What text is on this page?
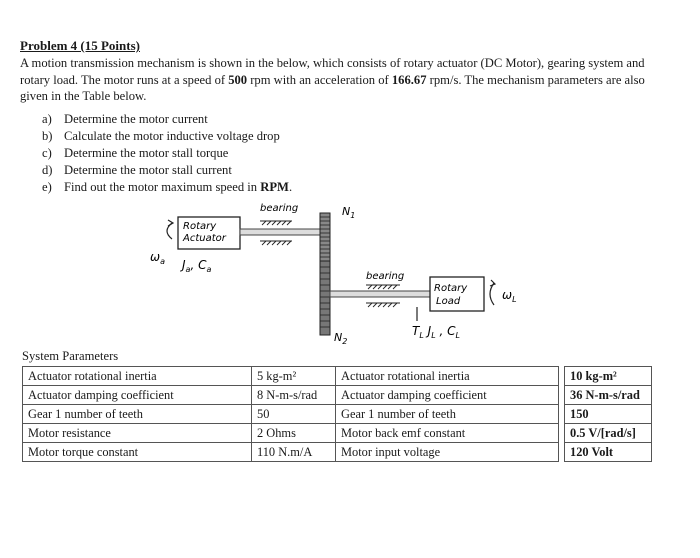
Problem 4 (15 Points)

A motion transmission mechanism is shown in the below, which consists of rotary actuator (DC Motor), gearing system and rotary load. The motor runs at a speed of 500 rpm with an acceleration of 166.67 rpm/s. The mechanism parameters are also given in the Table below.
a) Determine the motor current
b) Calculate the motor inductive voltage drop
c) Determine the motor stall torque
d) Determine the motor stall current
e) Find out the motor maximum speed in RPM.
Rotary
Actuator
$\omega_a$ $J_a$, $C_a$
bearing	$N_1$
$N_2$
bearing
Rotary
Load	$\omega_L$
$T_L$ $J_L$ , $C_L$
System Parameters
Actuator rotational inertia	5 kg-m²	Actuator rotational inertia		10 kg-m²
Actuator damping coefficient	8 N-m-s/rad	Actuator damping coefficient		36 N-m-s/rad
Gear 1 number of teeth	50	Gear 1 number of teeth		150
Motor resistance	2 Ohms	Motor back emf constant		0.5 V/[rad/s]
Motor torque constant	110 N.m/A	Motor input voltage		120 Volt
